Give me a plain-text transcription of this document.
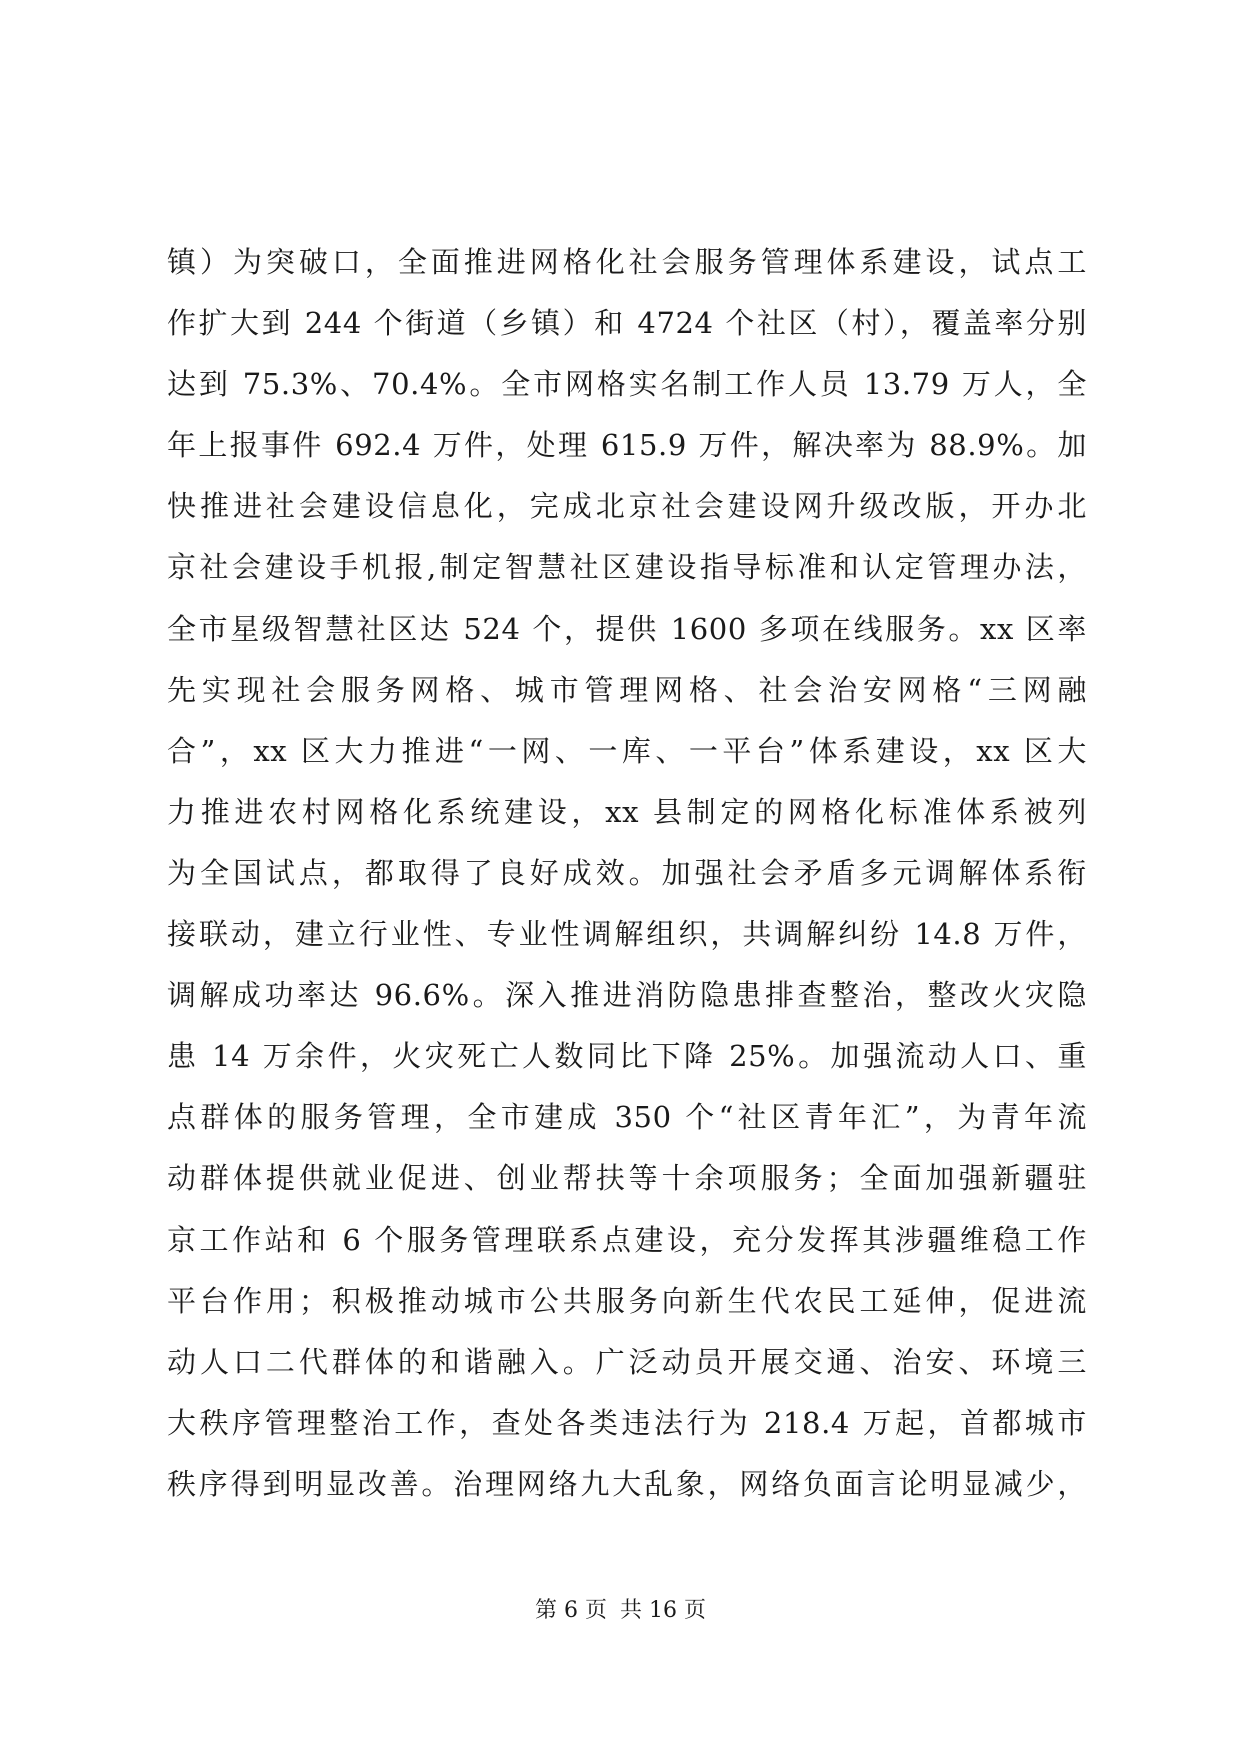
镇）为突破口，全面推进网格化社会服务管理体系建设，试点工
作扩大到 244 个街道（乡镇）和 4724 个社区（村），覆盖率分别
达到 75.3%、70.4%。全市网格实名制工作人员 13.79 万人，全
年上报事件 692.4 万件，处理 615.9 万件，解决率为 88.9%。加
快推进社会建设信息化，完成北京社会建设网升级改版，开办北
京社会建设手机报,制定智慧社区建设指导标准和认定管理办法，
全市星级智慧社区达 524 个，提供 1600 多项在线服务。xx 区率
先实现社会服务网格、城市管理网格、社会治安网格“三网融
合”，xx 区大力推进“一网、一库、一平台”体系建设，xx 区大
力推进农村网格化系统建设，xx 县制定的网格化标准体系被列
为全国试点，都取得了良好成效。加强社会矛盾多元调解体系衔
接联动，建立行业性、专业性调解组织，共调解纠纷 14.8 万件，
调解成功率达 96.6%。深入推进消防隐患排查整治，整改火灾隐
患 14 万余件，火灾死亡人数同比下降 25%。加强流动人口、重
点群体的服务管理，全市建成 350 个“社区青年汇”，为青年流
动群体提供就业促进、创业帮扶等十余项服务；全面加强新疆驻
京工作站和 6 个服务管理联系点建设，充分发挥其涉疆维稳工作
平台作用；积极推动城市公共服务向新生代农民工延伸，促进流
动人口二代群体的和谐融入。广泛动员开展交通、治安、环境三
大秩序管理整治工作，查处各类违法行为 218.4 万起，首都城市
秩序得到明显改善。治理网络九大乱象，网络负面言论明显减少，
第 6 页 共 16 页
